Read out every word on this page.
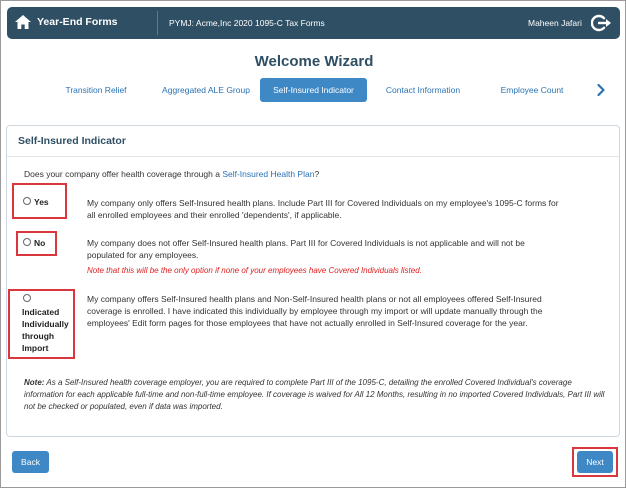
Year-End Forms	PYMJ: Acme,Inc 2020 1095-C Tax Forms	Maheen Jafari
Welcome Wizard
Transition Relief	Aggregated ALE Group	Self-Insured Indicator	Contact Information	Employee Count
Self-Insured Indicator
Does your company offer health coverage through a Self-Insured Health Plan?
Yes	My company only offers Self-Insured health plans. Include Part III for Covered Individuals on my employee's 1095-C forms for all enrolled employees and their enrolled 'dependents', if applicable.
No	My company does not offer Self-Insured health plans. Part III for Covered Individuals is not applicable and will not be populated for any employees.
Note that this will be the only option if none of your employees have Covered Individuals listed.
Indicated
Individually
through
Import
My company offers Self-Insured health plans and Non-Self-Insured health plans or not all employees offered Self-Insured coverage is enrolled. I have indicated this individually by employee through my import or will update manually through the employees' Edit form pages for those employees that have not actually enrolled in Self-Insured coverage for the year.
Note: As a Self-Insured health coverage employer, you are required to complete Part III of the 1095-C, detailing the enrolled Covered Individual's coverage information for each applicable full-time and non-full-time employee. If coverage is waived for All 12 Months, resulting in no imported Covered Individuals, Part III will not be checked or populated, even if data was imported.
Back	Next
